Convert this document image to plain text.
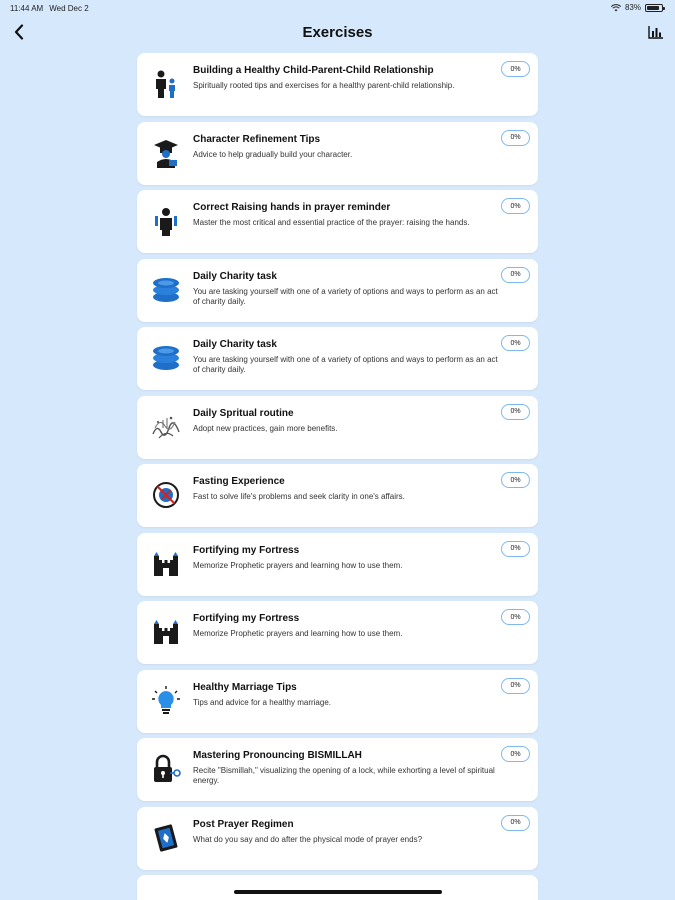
11:44 AM Wed Dec 2	83%
Exercises
Building a Healthy Child-Parent-Child Relationship
Spiritually rooted tips and exercises for a healthy parent-child relationship.
0%
Character Refinement Tips
Advice to help gradually build your character.
0%
Correct Raising hands in prayer reminder
Master the most critical and essential practice of the prayer: raising the hands.
0%
Daily Charity task
You are tasking yourself with one of a variety of options and ways to perform as an act of charity daily.
0%
Daily Charity task
You are tasking yourself with one of a variety of options and ways to perform as an act of charity daily.
0%
Daily Spritual routine
Adopt new practices, gain more benefits.
0%
Fasting Experience
Fast to solve life's problems and seek clarity in one's affairs.
0%
Fortifying my Fortress
Memorize Prophetic prayers and learning how to use them.
0%
Fortifying my Fortress
Memorize Prophetic prayers and learning how to use them.
0%
Healthy Marriage Tips
Tips and advice for a healthy marriage.
0%
Mastering Pronouncing BISMILLAH
Recite "Bismillah," visualizing the opening of a lock, while exhorting a level of spiritual energy.
0%
Post Prayer Regimen
What do you say and do after the physical mode of prayer ends?
0%
